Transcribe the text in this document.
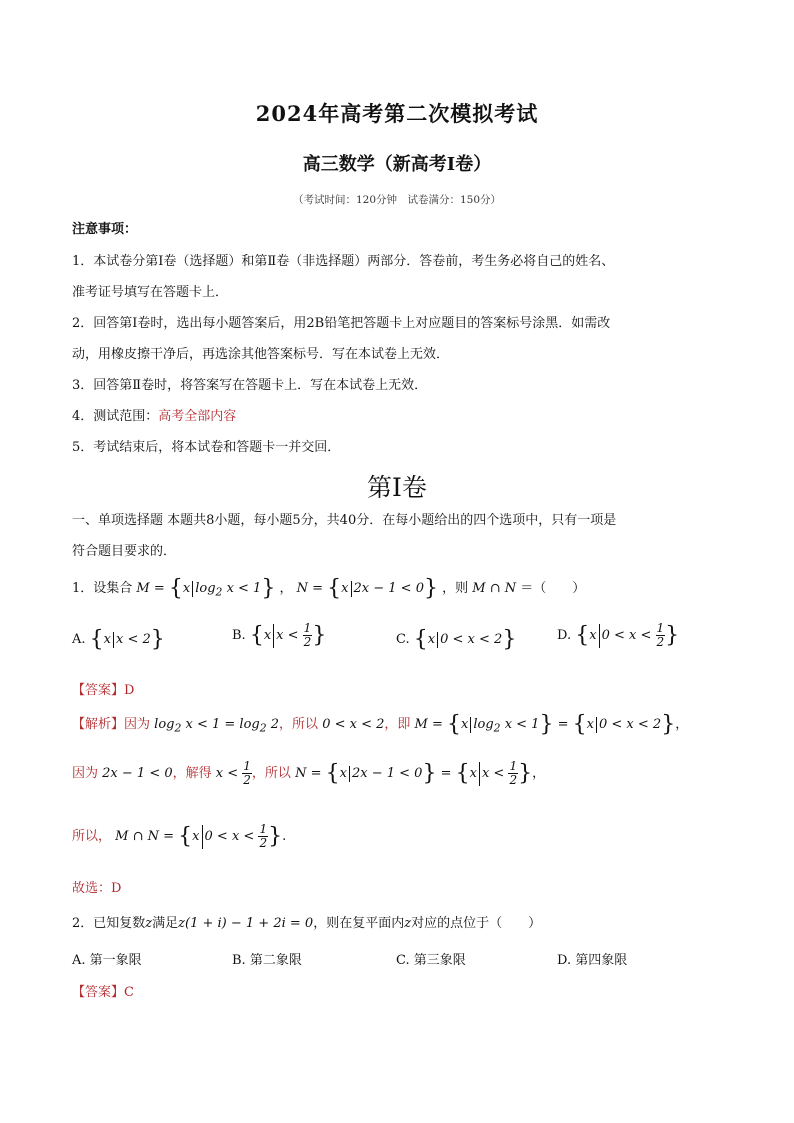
2024年高考第二次模拟考试
高三数学（新高考Ⅰ卷）
（考试时间：120分钟　试卷满分：150分）
注意事项：
1．本试卷分第Ⅰ卷（选择题）和第Ⅱ卷（非选择题）两部分．答卷前，考生务必将自己的姓名、
准考证号填写在答题卡上．
2．回答第Ⅰ卷时，选出每小题答案后，用2B铅笔把答题卡上对应题目的答案标号涂黑．如需改
动，用橡皮擦干净后，再选涂其他答案标号．写在本试卷上无效．
3．回答第Ⅱ卷时，将答案写在答题卡上．写在本试卷上无效．
4．测试范围：高考全部内容
5．考试结束后，将本试卷和答题卡一并交回．
第Ⅰ卷
一、单项选择题 本题共8小题，每小题5分，共40分．在每小题给出的四个选项中，只有一项是
符合题目要求的．
1．设集合 M = {x $\log_2 x < 1$} ， N = {x 2x − 1 < 0} ，则 M ∩ N ＝（　　）
A. {x x < 2}	B. {x $x < \frac{1}{2}$ }	C. {x 0 < x < 2}	D. {x $0 < x < \frac{1}{2}$ }
【答案】D
【解析】因为 $\log_2 x < 1 = \log_2 2$，所以 0 < x < 2，即 M = {x $\log_2 x < 1\} = \{x$ 0 < x < 2}，
因为 2x − 1 < 0，解得 $x < \frac{1}{2}$ ，所以 N = {x 2x − 1 < 0} = {x $x < \frac{1}{2}$ }，
所以， M ∩ N = {x $0 < x < \frac{1}{2}$ }.
故选：D
2．已知复数z满足z(1 + i) − 1 + 2i = 0，则在复平面内z对应的点位于（　　）
A. 第一象限	B. 第二象限	C. 第三象限	D. 第四象限
【答案】C
